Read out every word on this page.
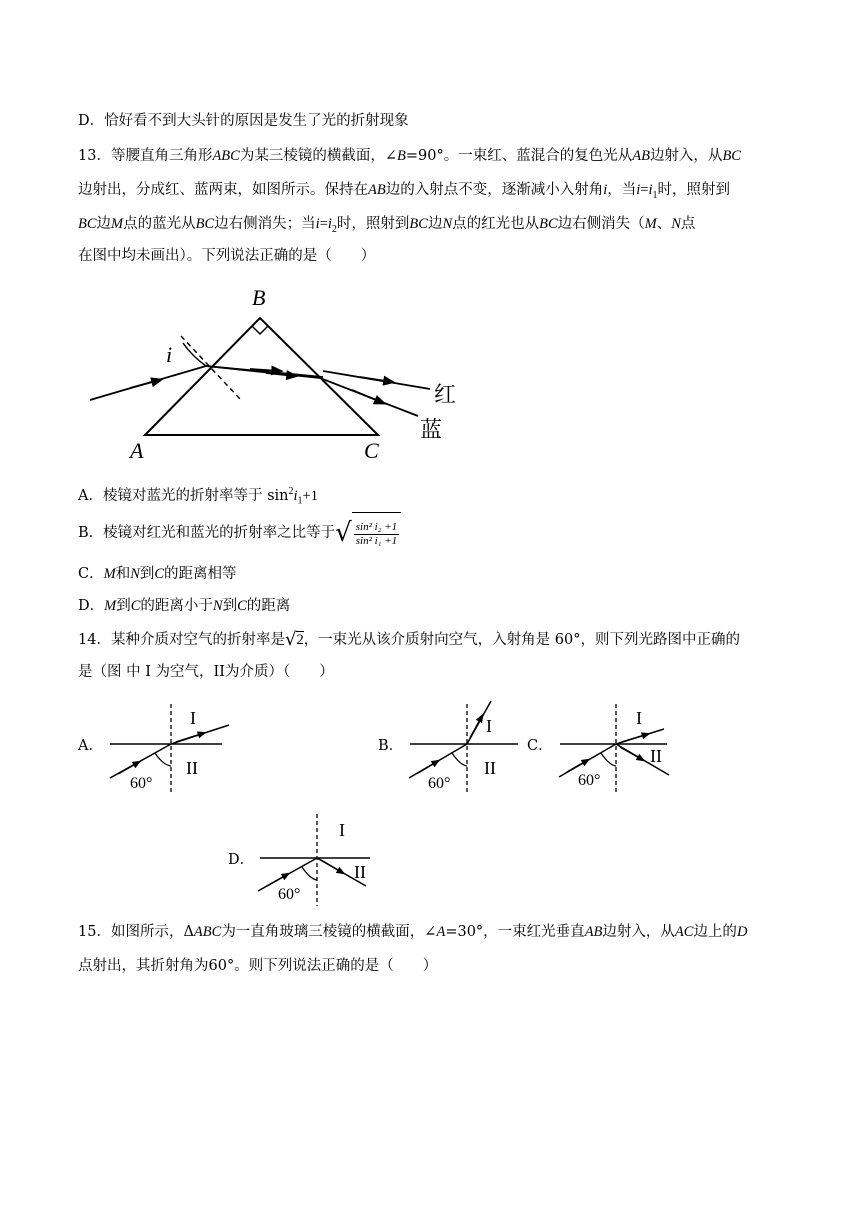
D．恰好看不到大头针的原因是发生了光的折射现象
13．等腰直角三角形ABC为某三棱镜的横截面，∠B=90°。一束红、蓝混合的复色光从AB边射入，从BC
边射出，分成红、蓝两束，如图所示。保持在AB边的入射点不变，逐渐减小入射角i，当$i=i_1$时，照射到
BC边M点的蓝光从BC边右侧消失；当$i=i_2$时，照射到BC边N点的红光也从BC边右侧消失（M、N点
在图中均未画出）。下列说法正确的是（　　）
B
A	C
i
红
蓝
A．棱镜对蓝光的折射率等于 $\sin^2i_1+1$
B．棱镜对红光和蓝光的折射率之比等于√ $\frac{\text{sin² i₂ +1}}{\text{sin² i₁ +1}}$
C．M和N到C的距离相等
D．M到C的距离小于N到C的距离
14．某种介质对空气的折射率是√2，一束光从该介质射向空气，入射角是 60°，则下列光路图中正确的
是（图 中 I 为空气，II为介质）（　　）
A．	B．	C．
D．
I
II
60°
I
II
60°
I
II
60°
I
II
60°
15．如图所示，ΔABC为一直角玻璃三棱镜的横截面，∠A=30°，一束红光垂直AB边射入，从AC边上的D
点射出，其折射角为60°。则下列说法正确的是（　　）
